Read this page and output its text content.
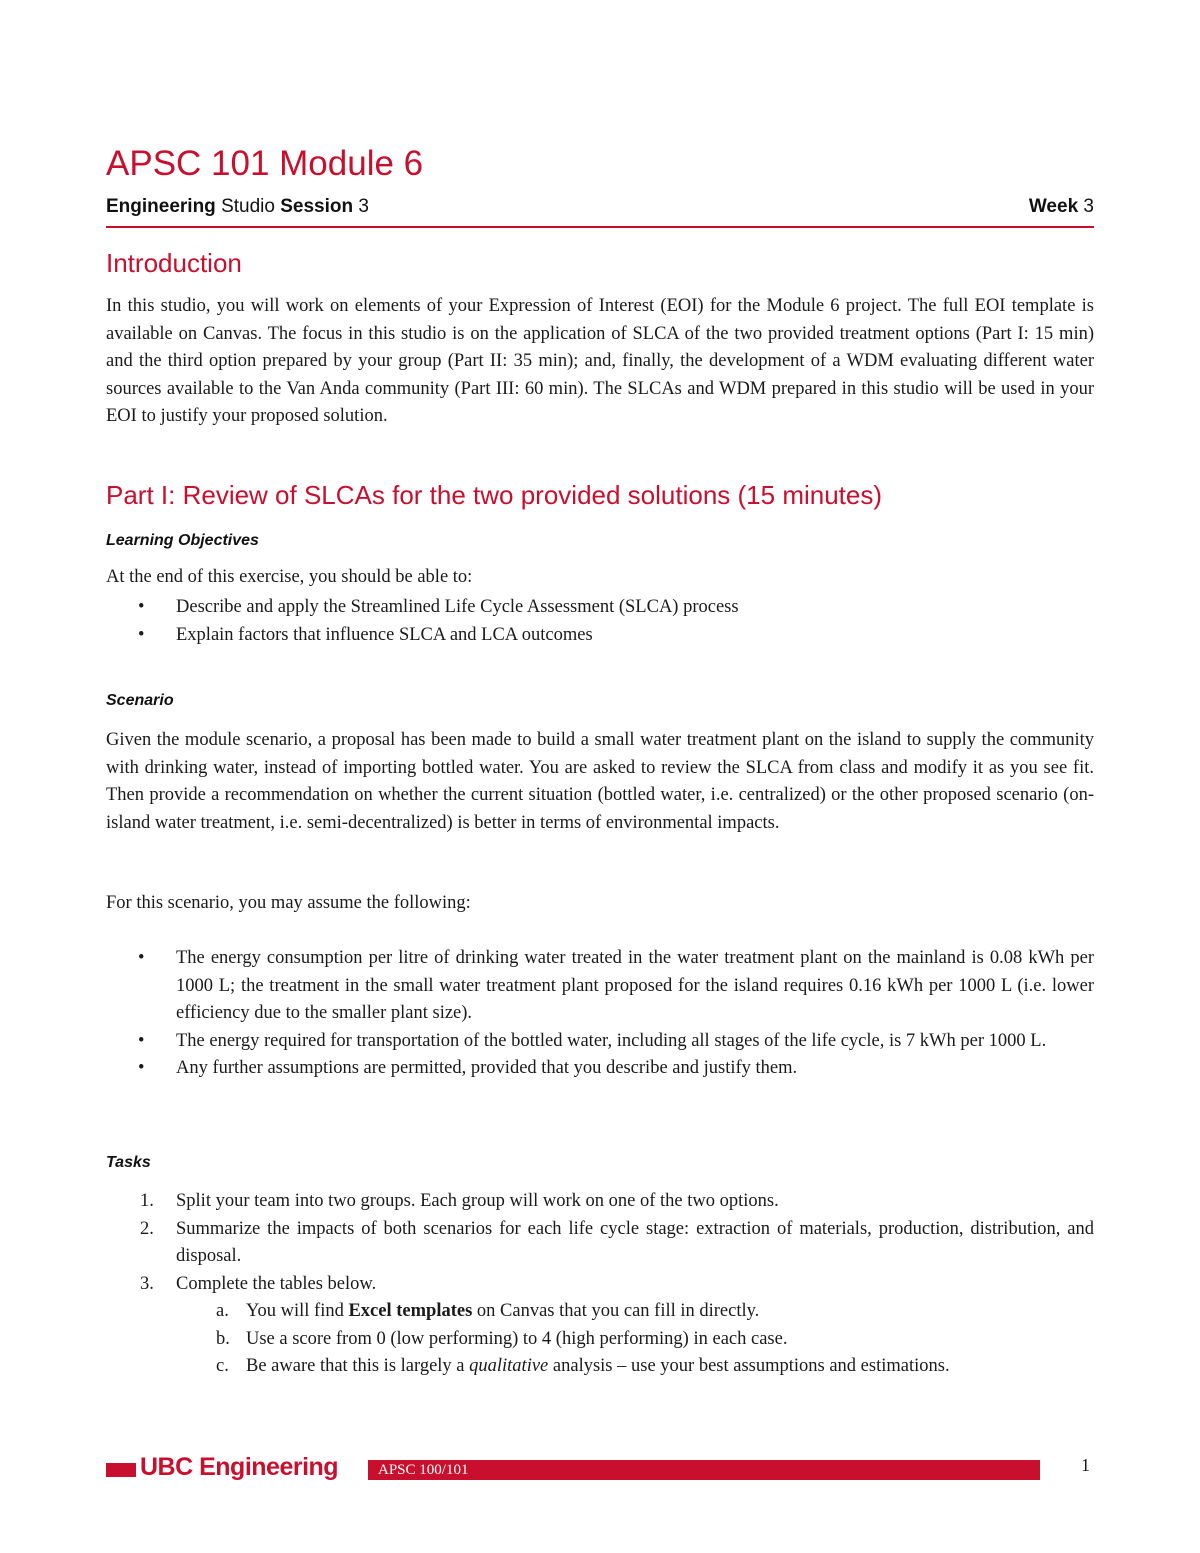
APSC 101 Module 6
Engineering Studio Session 3	Week 3
Introduction
In this studio, you will work on elements of your Expression of Interest (EOI) for the Module 6 project. The full EOI template is available on Canvas. The focus in this studio is on the application of SLCA of the two provided treatment options (Part I: 15 min) and the third option prepared by your group (Part II: 35 min); and, finally, the development of a WDM evaluating different water sources available to the Van Anda community (Part III: 60 min). The SLCAs and WDM prepared in this studio will be used in your EOI to justify your proposed solution.
Part I: Review of SLCAs for the two provided solutions (15 minutes)
Learning Objectives
At the end of this exercise, you should be able to:
• Describe and apply the Streamlined Life Cycle Assessment (SLCA) process
• Explain factors that influence SLCA and LCA outcomes
Scenario
Given the module scenario, a proposal has been made to build a small water treatment plant on the island to supply the community with drinking water, instead of importing bottled water. You are asked to review the SLCA from class and modify it as you see fit. Then provide a recommendation on whether the current situation (bottled water, i.e. centralized) or the other proposed scenario (on-island water treatment, i.e. semi-decentralized) is better in terms of environmental impacts.
For this scenario, you may assume the following:
• The energy consumption per litre of drinking water treated in the water treatment plant on the mainland is 0.08 kWh per 1000 L; the treatment in the small water treatment plant proposed for the island requires 0.16 kWh per 1000 L (i.e. lower efficiency due to the smaller plant size).
• The energy required for transportation of the bottled water, including all stages of the life cycle, is 7 kWh per 1000 L.
• Any further assumptions are permitted, provided that you describe and justify them.
Tasks
1. Split your team into two groups. Each group will work on one of the two options.
2. Summarize the impacts of both scenarios for each life cycle stage: extraction of materials, production, distribution, and disposal.
3. Complete the tables below.
a. You will find Excel templates on Canvas that you can fill in directly.
b. Use a score from 0 (low performing) to 4 (high performing) in each case.
c. Be aware that this is largely a qualitative analysis – use your best assumptions and estimations.
UBC Engineering	APSC 100/101	1
